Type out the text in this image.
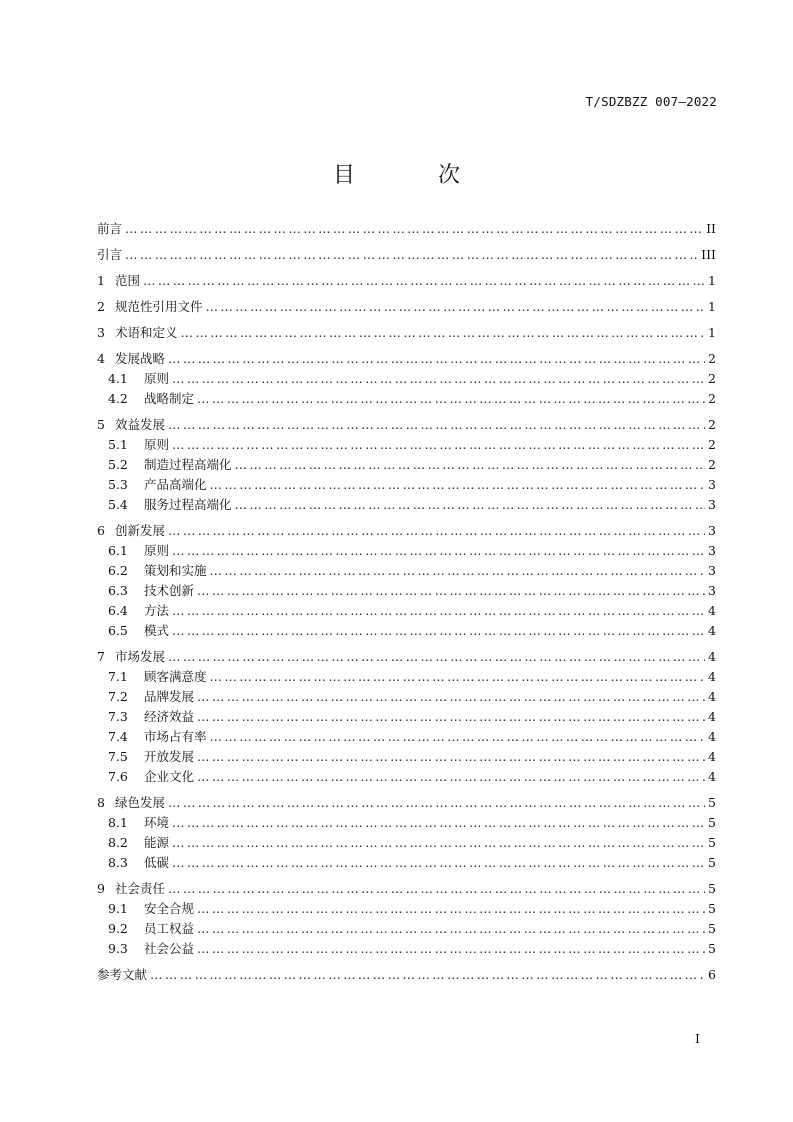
T/SDZBZZ 007—2022
目 次
前言 ……………………………………………………………………………………………………………………………………………………………………………………………………………………	II
引言 ……………………………………………………………………………………………………………………………………………………………………………………………………………………	III
1 范围 ……………………………………………………………………………………………………………………………………………………………………………………………………………………	1
2 规范性引用文件 ……………………………………………………………………………………………………………………………………………………………………………………………………………………	1
3 术语和定义 ……………………………………………………………………………………………………………………………………………………………………………………………………………………	1
4 发展战略 ……………………………………………………………………………………………………………………………………………………………………………………………………………………	2
4.1	原则 ……………………………………………………………………………………………………………………………………………………………………………………………………………………	2
4.2	战略制定 ……………………………………………………………………………………………………………………………………………………………………………………………………………………	2
5 效益发展 ……………………………………………………………………………………………………………………………………………………………………………………………………………………	2
5.1	原则 ……………………………………………………………………………………………………………………………………………………………………………………………………………………	2
5.2	制造过程高端化 ……………………………………………………………………………………………………………………………………………………………………………………………………………………	2
5.3	产品高端化 ……………………………………………………………………………………………………………………………………………………………………………………………………………………	3
5.4	服务过程高端化 ……………………………………………………………………………………………………………………………………………………………………………………………………………………	3
6 创新发展 ……………………………………………………………………………………………………………………………………………………………………………………………………………………	3
6.1	原则 ……………………………………………………………………………………………………………………………………………………………………………………………………………………	3
6.2	策划和实施 ……………………………………………………………………………………………………………………………………………………………………………………………………………………	3
6.3	技术创新 ……………………………………………………………………………………………………………………………………………………………………………………………………………………	3
6.4	方法 ……………………………………………………………………………………………………………………………………………………………………………………………………………………	4
6.5	模式 ……………………………………………………………………………………………………………………………………………………………………………………………………………………	4
7 市场发展 ……………………………………………………………………………………………………………………………………………………………………………………………………………………	4
7.1	顾客满意度 ……………………………………………………………………………………………………………………………………………………………………………………………………………………	4
7.2	品牌发展 ……………………………………………………………………………………………………………………………………………………………………………………………………………………	4
7.3	经济效益 ……………………………………………………………………………………………………………………………………………………………………………………………………………………	4
7.4	市场占有率 ……………………………………………………………………………………………………………………………………………………………………………………………………………………	4
7.5	开放发展 ……………………………………………………………………………………………………………………………………………………………………………………………………………………	4
7.6	企业文化 ……………………………………………………………………………………………………………………………………………………………………………………………………………………	4
8 绿色发展 ……………………………………………………………………………………………………………………………………………………………………………………………………………………	5
8.1	环境 ……………………………………………………………………………………………………………………………………………………………………………………………………………………	5
8.2	能源 ……………………………………………………………………………………………………………………………………………………………………………………………………………………	5
8.3	低碳 ……………………………………………………………………………………………………………………………………………………………………………………………………………………	5
9 社会责任 ……………………………………………………………………………………………………………………………………………………………………………………………………………………	5
9.1	安全合规 ……………………………………………………………………………………………………………………………………………………………………………………………………………………	5
9.2	员工权益 ……………………………………………………………………………………………………………………………………………………………………………………………………………………	5
9.3	社会公益 ……………………………………………………………………………………………………………………………………………………………………………………………………………………	5
参考文献 ……………………………………………………………………………………………………………………………………………………………………………………………………………………	6
I
